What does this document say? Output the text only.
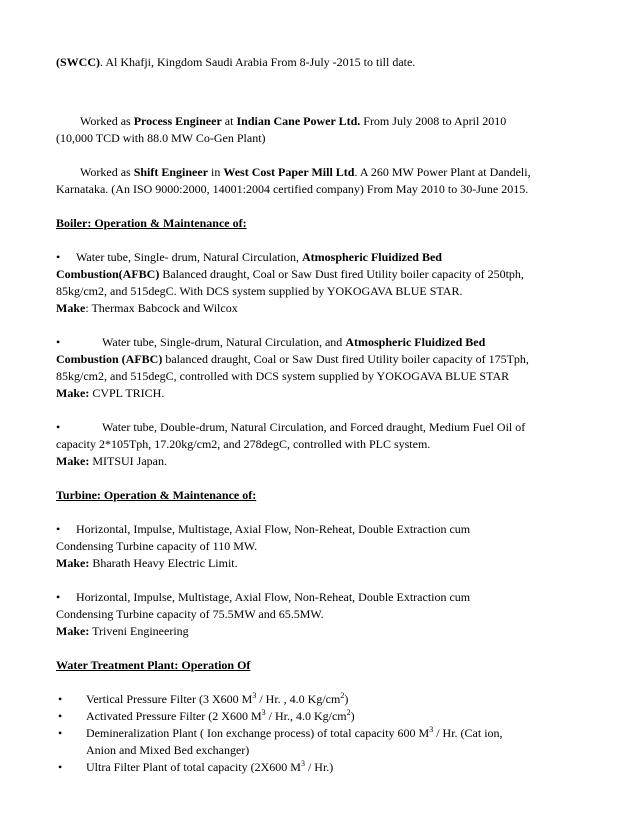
(SWCC). Al Khafji, Kingdom Saudi Arabia From 8-July -2015 to till date.

Worked as Process Engineer at Indian Cane Power Ltd. From July 2008 to April 2010

(10,000 TCD with 88.0 MW Co-Gen Plant)

Worked as Shift Engineer in West Cost Paper Mill Ltd. A 260 MW Power Plant at Dandeli,

Karnataka. (An ISO 9000:2000, 14001:2004 certified company) From May 2010 to 30-June 2015.

Boiler: Operation & Maintenance of:

• Water tube, Single- drum, Natural Circulation, Atmospheric Fluidized Bed

Combustion(AFBC) Balanced draught, Coal or Saw Dust fired Utility boiler capacity of 250tph,

85kg/cm2, and 515degC. With DCS system supplied by YOKOGAVA BLUE STAR.

Make: Thermax Babcock and Wilcox

•	Water tube, Single-drum, Natural Circulation, and Atmospheric Fluidized Bed

Combustion (AFBC) balanced draught, Coal or Saw Dust fired Utility boiler capacity of 175Tph,

85kg/cm2, and 515degC, controlled with DCS system supplied by YOKOGAVA BLUE STAR

Make: CVPL TRICH.

•	Water tube, Double-drum, Natural Circulation, and Forced draught, Medium Fuel Oil of

capacity 2*105Tph, 17.20kg/cm2, and 278degC, controlled with PLC system.

Make: MITSUI Japan.

Turbine: Operation & Maintenance of:

• Horizontal, Impulse, Multistage, Axial Flow, Non-Reheat, Double Extraction cum

Condensing Turbine capacity of 110 MW.

Make: Bharath Heavy Electric Limit.

• Horizontal, Impulse, Multistage, Axial Flow, Non-Reheat, Double Extraction cum

Condensing Turbine capacity of 75.5MW and 65.5MW.

Make: Triveni Engineering

Water Treatment Plant: Operation Of

• Vertical Pressure Filter (3 X600 $M^3$ / Hr. , 4.0 $Kg/cm^2$)
• Activated Pressure Filter (2 X600 $M^3$ / Hr., 4.0 $Kg/cm^2$)
• Demineralization Plant ( Ion exchange process) of total capacity 600 $M^3$ / Hr. (Cat ion,
Anion and Mixed Bed exchanger)
• Ultra Filter Plant of total capacity (2X600 $M^3 / Hr$.)
